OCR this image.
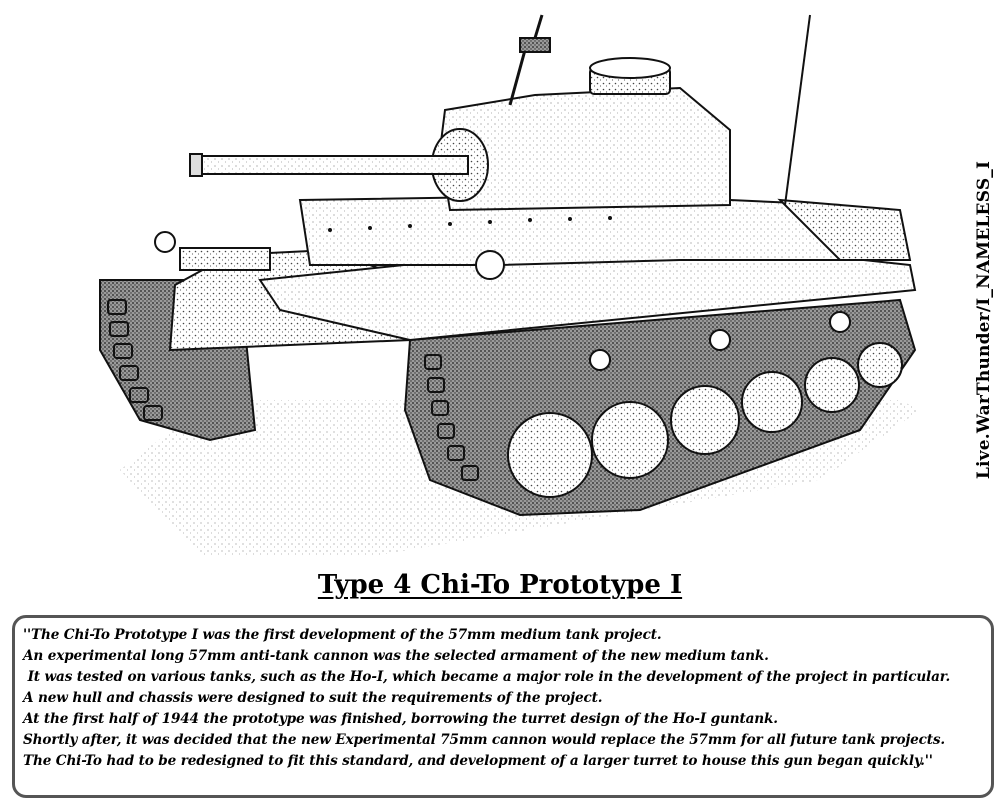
Live.WarThunder/I_NAMELESS_I
Type 4 Chi-To Prototype I
''The Chi-To Prototype I was the first development of the 57mm medium tank project.
An experimental long 57mm anti-tank cannon was the selected armament of the new medium tank.
It was tested on various tanks, such as the Ho-I, which became a major role in the development of the project in particular.
A new hull and chassis were designed to suit the requirements of the project.
At the first half of 1944 the prototype was finished, borrowing the turret design of the Ho-I guntank.
Shortly after, it was decided that the new Experimental 75mm cannon would replace the 57mm for all future tank projects.
The Chi-To had to be redesigned to fit this standard, and development of a larger turret to house this gun began quickly.''
